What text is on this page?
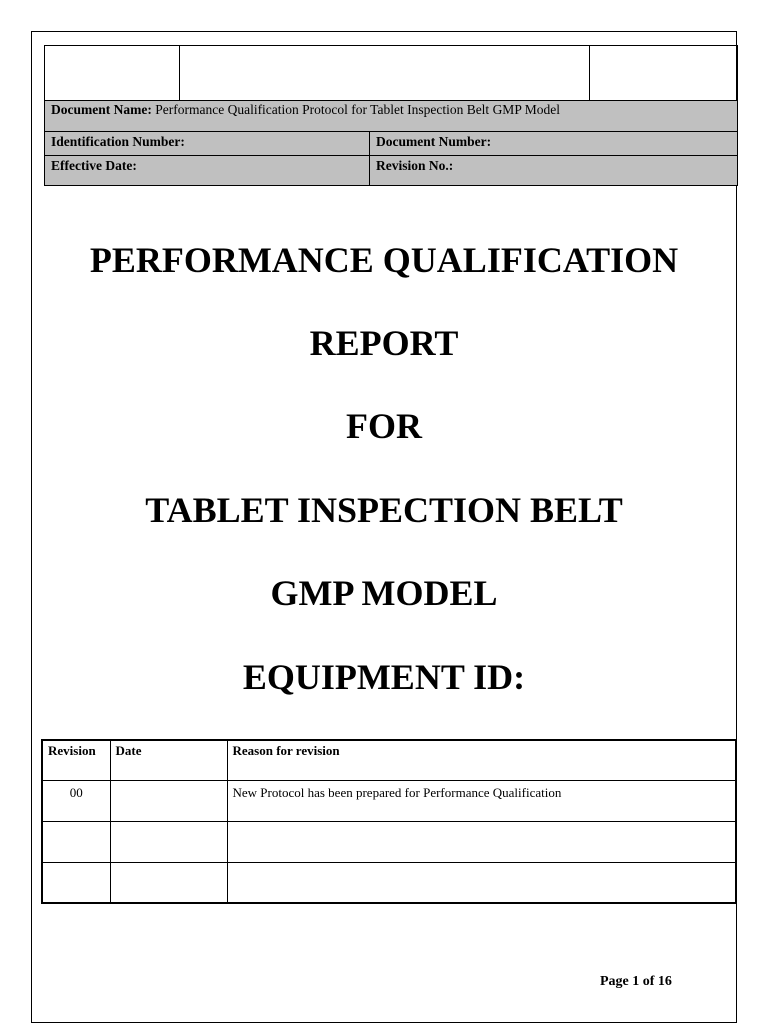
Document Name: Performance Qualification Protocol for Tablet Inspection Belt GMP Model
Identification Number:	Document Number:
Effective Date:	Revision No.:
PERFORMANCE QUALIFICATION
REPORT
FOR
TABLET INSPECTION BELT
GMP MODEL
EQUIPMENT ID:
Revision	Date	Reason for revision
00		New Protocol has been prepared for Performance Qualification

Page 1 of 16
